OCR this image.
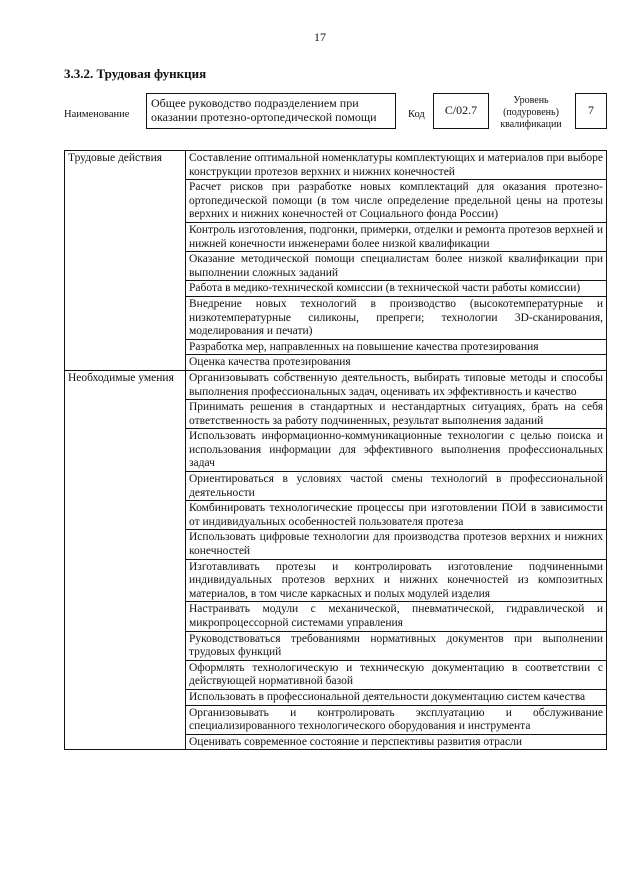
17
3.3.2. Трудовая функция
Наименование
Общее руководство подразделением при оказании протезно-ортопедической помощи	Код	С/02.7
Уровень (подуровень) квалификации
7
Трудовые действия	Составление оптимальной номенклатуры комплектующих и материалов при выборе конструкции протезов верхних и нижних конечностей
	Расчет рисков при разработке новых комплектаций для оказания протезно-ортопедической помощи (в том числе определение предельной цены на протезы верхних и нижних конечностей от Социального фонда России)
	Контроль изготовления, подгонки, примерки, отделки и ремонта протезов верхней и нижней конечности инженерами более низкой квалификации
	Оказание методической помощи специалистам более низкой квалификации при выполнении сложных заданий
	Работа в медико-технической комиссии (в технической части работы комиссии)
	Внедрение новых технологий в производство (высокотемпературные и низкотемпературные силиконы, препреги; технологии 3D-сканирования, моделирования и печати)
	Разработка мер, направленных на повышение качества протезирования
	Оценка качества протезирования
Необходимые умения	Организовывать собственную деятельность, выбирать типовые методы и способы выполнения профессиональных задач, оценивать их эффективность и качество
	Принимать решения в стандартных и нестандартных ситуациях, брать на себя ответственность за работу подчиненных, результат выполнения заданий
	Использовать информационно-коммуникационные технологии с целью поиска и использования информации для эффективного выполнения профессиональных задач
	Ориентироваться в условиях частой смены технологий в профессиональной деятельности
	Комбинировать технологические процессы при изготовлении ПОИ в зависимости от индивидуальных особенностей пользователя протеза
	Использовать цифровые технологии для производства протезов верхних и нижних конечностей
	Изготавливать протезы и контролировать изготовление подчиненными индивидуальных протезов верхних и нижних конечностей из композитных материалов, в том числе каркасных и полых модулей изделия
	Настраивать модули с механической, пневматической, гидравлической и микропроцессорной системами управления
	Руководствоваться требованиями нормативных документов при выполнении трудовых функций
	Оформлять технологическую и техническую документацию в соответствии с действующей нормативной базой
	Использовать в профессиональной деятельности документацию систем качества
	Организовывать и контролировать эксплуатацию и обслуживание специализированного технологического оборудования и инструмента
	Оценивать современное состояние и перспективы развития отрасли
